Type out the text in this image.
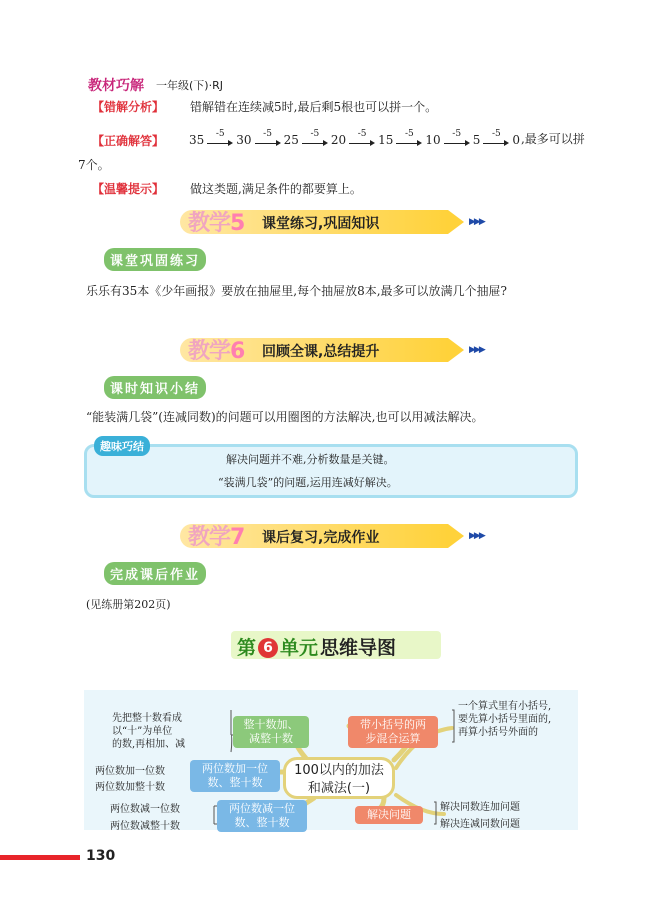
教材巧解 一年级(下)·RJ
【错解分析】 错解错在连续减5时,最后剩5根也可以拼一个。
【正确解答】 35 -5 30 -5 25 -5 20 -5 15 -5 10 -5 5 -5 0 ,最多可以拼
7个。
【温馨提示】 做这类题,满足条件的都要算上。
教学5 课堂练习,巩固知识	▶▶▶
课堂巩固练习
乐乐有35本《少年画报》要放在抽屉里,每个抽屉放8本,最多可以放满几个抽屉?
教学6 回顾全课,总结提升	▶▶▶
课时知识小结
“能装满几袋”(连减同数)的问题可以用圈图的方法解决,也可以用减法解决。
趣味巧结
解决问题并不难,分析数量是关键。
“装满几袋”的问题,运用连减好解决。
教学7 课后复习,完成作业	▶▶▶
完成课后作业
(见练册第202页)
第 6 单元 思维导图
100以内的加法
和减法(一)
整十数加、
减整十数
先把整十数看成
以“十”为单位
的数,再相加、减
两位数加一位
数、整十数
两位数加一位数
两位数加整十数
两位数减一位
数、整十数
两位数减一位数
两位数减整十数
带小括号的两
步混合运算
一个算式里有小括号,
要先算小括号里面的,
再算小括号外面的
解决问题
解决同数连加问题
解决连减同数问题
130
